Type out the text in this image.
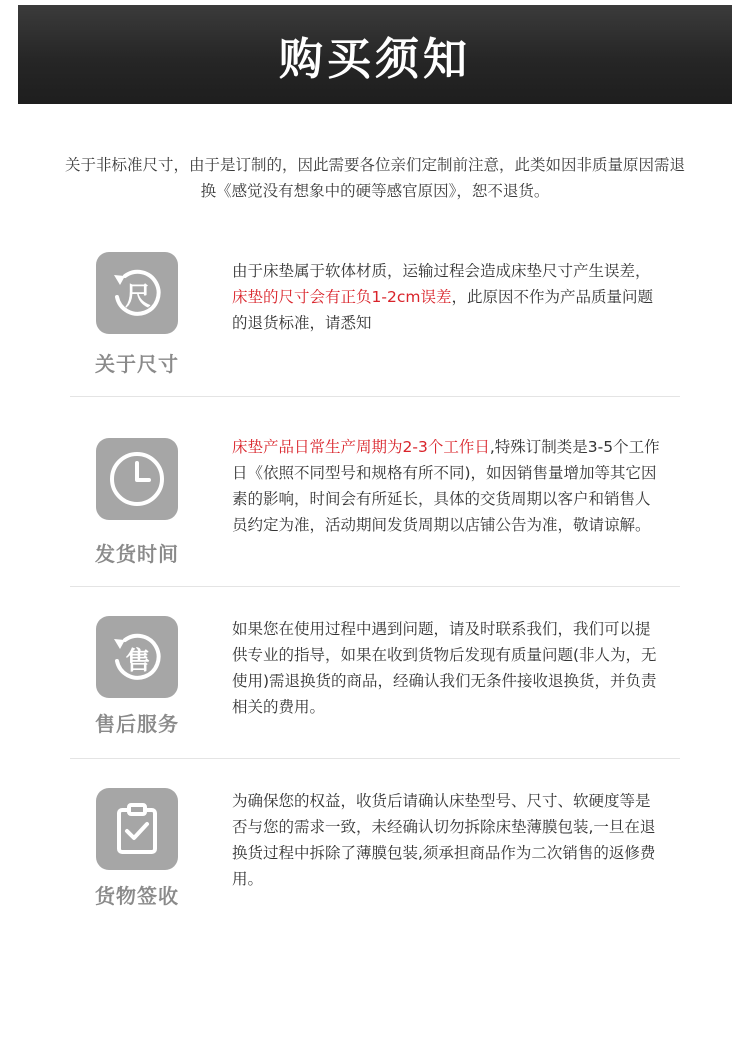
购买须知
关于非标准尺寸，由于是订制的，因此需要各位亲们定制前注意，此类如因非质量原因需退换《感觉没有想象中的硬等感官原因》，恕不退货。
尺
关于尺寸
由于床垫属于软体材质，运输过程会造成床垫尺寸产生误差，床垫的尺寸会有正负1-2cm误差，此原因不作为产品质量问题的退货标准，请悉知
发货时间
床垫产品日常生产周期为2-3个工作日,特殊订制类是3-5个工作日《依照不同型号和规格有所不同)，如因销售量增加等其它因素的影响，时间会有所延长，具体的交货周期以客户和销售人员约定为准，活动期间发货周期以店铺公告为准，敬请谅解。
售
售后服务
如果您在使用过程中遇到问题，请及时联系我们，我们可以提供专业的指导，如果在收到货物后发现有质量问题(非人为，无使用)需退换货的商品，经确认我们无条件接收退换货，并负责相关的费用。
货物签收
为确保您的权益，收货后请确认床垫型号、尺寸、软硬度等是否与您的需求一致，未经确认切勿拆除床垫薄膜包装,一旦在退换货过程中拆除了薄膜包装,须承担商品作为二次销售的返修费用。
